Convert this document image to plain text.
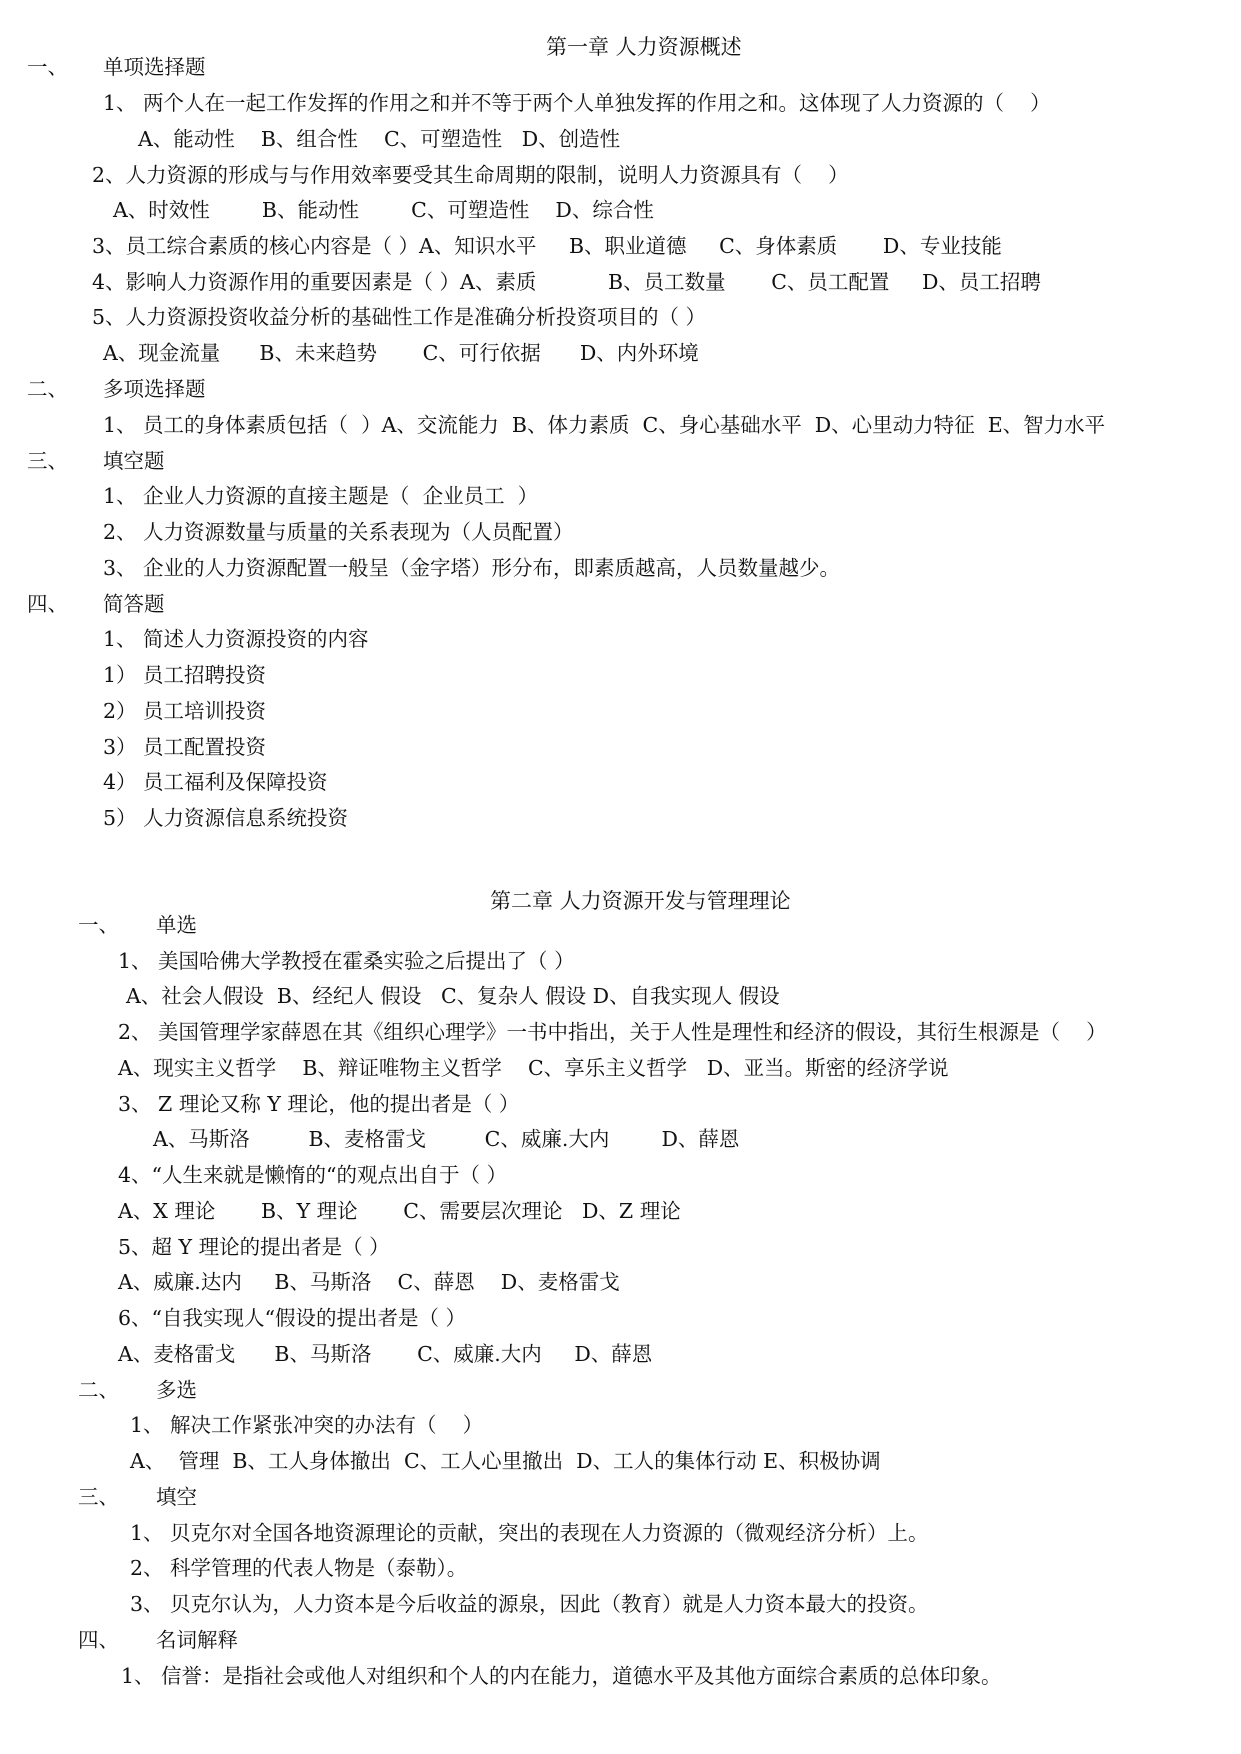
第一章 人力资源概述
一、 单项选择题
1、 两个人在一起工作发挥的作用之和并不等于两个人单独发挥的作用之和。这体现了人力资源的（    ）
A、能动性    B、组合性    C、可塑造性   D、创造性
2、人力资源的形成与与作用效率要受其生命周期的限制，说明人力资源具有（    ）
A、时效性        B、能动性        C、可塑造性    D、综合性
3、员工综合素质的核心内容是（ ）A、知识水平     B、职业道德     C、身体素质       D、专业技能
4、影响人力资源作用的重要因素是（ ）A、素质           B、员工数量       C、员工配置     D、员工招聘
5、人力资源投资收益分析的基础性工作是准确分析投资项目的（ ）
A、现金流量      B、未来趋势       C、可行依据      D、内外环境
二、 多项选择题
1、 员工的身体素质包括（  ）A、交流能力  B、体力素质  C、身心基础水平  D、心里动力特征  E、智力水平
三、 填空题
1、 企业人力资源的直接主题是（  企业员工  ）
2、 人力资源数量与质量的关系表现为（人员配置）
3、 企业的人力资源配置一般呈（金字塔）形分布，即素质越高，人员数量越少。
四、 简答题
1、 简述人力资源投资的内容
1） 员工招聘投资
2） 员工培训投资
3） 员工配置投资
4） 员工福利及保障投资
5） 人力资源信息系统投资
第二章 人力资源开发与管理理论
一、 单选
1、 美国哈佛大学教授在霍桑实验之后提出了（ ）
A、社会人假设  B、经纪人 假设   C、复杂人 假设 D、自我实现人 假设
2、 美国管理学家薛恩在其《组织心理学》一书中指出，关于人性是理性和经济的假设，其衍生根源是（    ）
A、现实主义哲学    B、辩证唯物主义哲学    C、享乐主义哲学   D、亚当。斯密的经济学说
3、 Z 理论又称 Y 理论，他的提出者是（ ）
A、马斯洛         B、麦格雷戈         C、威廉.大内        D、薛恩
4、“人生来就是懒惰的“的观点出自于（ ）
A、X 理论       B、Y 理论       C、需要层次理论   D、Z 理论
5、超 Y 理论的提出者是（ ）
A、威廉.达内     B、马斯洛    C、薛恩    D、麦格雷戈
6、“自我实现人“假设的提出者是（ ）
A、麦格雷戈      B、马斯洛       C、威廉.大内     D、薛恩
二、 多选
1、 解决工作紧张冲突的办法有（    ）
A、  管理  B、工人身体撤出  C、工人心里撤出  D、工人的集体行动 E、积极协调
三、 填空
1、 贝克尔对全国各地资源理论的贡献，突出的表现在人力资源的（微观经济分析）上。
2、 科学管理的代表人物是（泰勒）。
3、 贝克尔认为，人力资本是今后收益的源泉，因此（教育）就是人力资本最大的投资。
四、 名词解释
1、 信誉：是指社会或他人对组织和个人的内在能力，道德水平及其他方面综合素质的总体印象。
